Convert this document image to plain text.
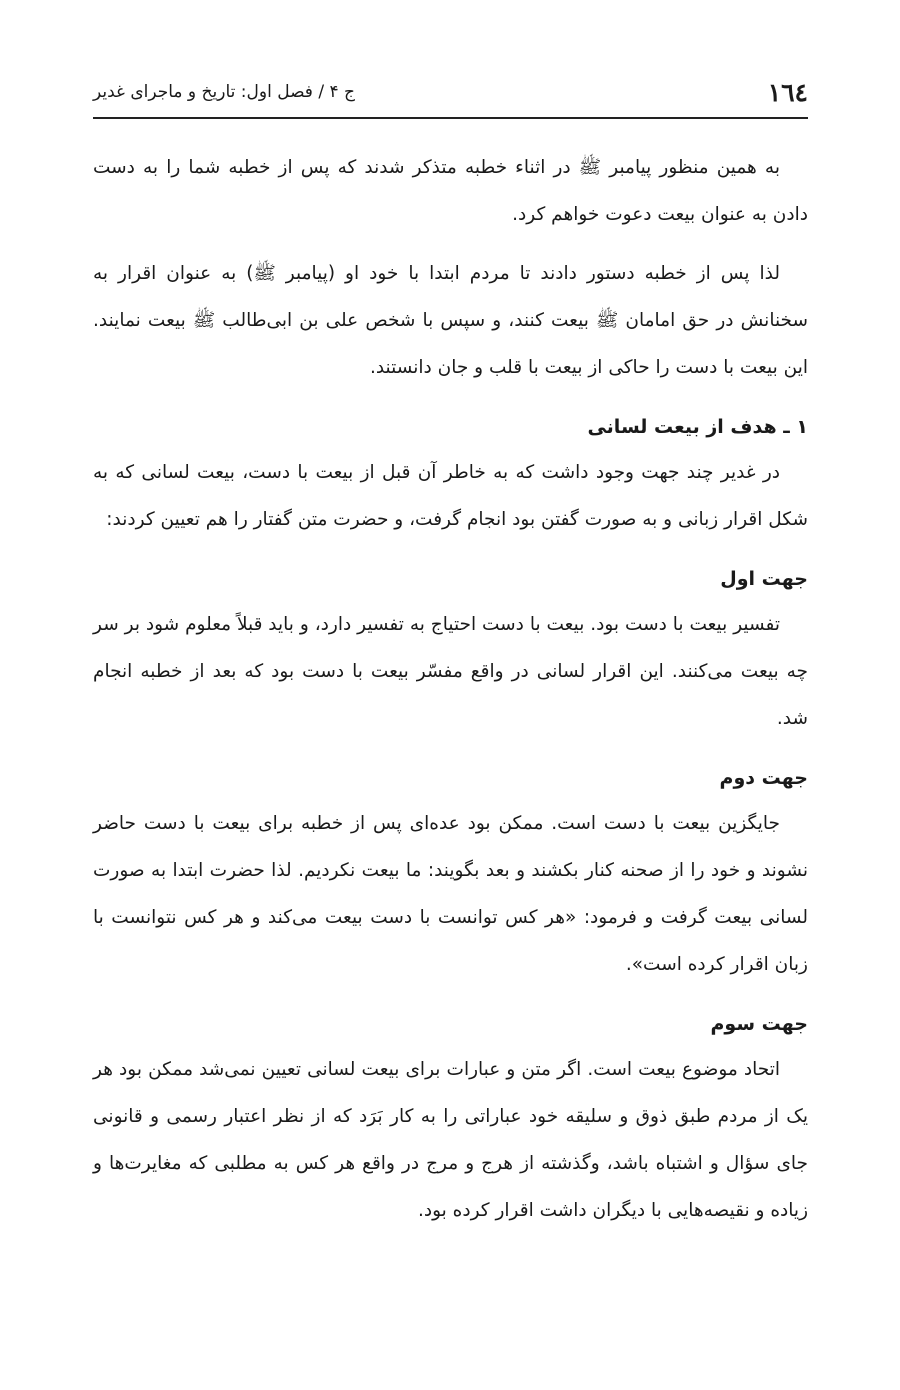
۱٦٤
ج ۴ / فصل اول: تاریخ و ماجرای غدیر

به همین منظور پیامبر ﷺ در اثناء خطبه متذکر شدند که پس از خطبه شما را به دست دادن به عنوان بیعت دعوت خواهم کرد.

لذا پس از خطبه دستور دادند تا مردم ابتدا با خود او (پیامبر ﷺ) به عنوان اقرار به سخنانش در حق امامان ﷺ بیعت کنند، و سپس با شخص علی بن ابی‌طالب ﷺ بیعت نمایند. این بیعت با دست را حاکی از بیعت با قلب و جان دانستند.

۱ ـ هدف از بیعت لسانی

در غدیر چند جهت وجود داشت که به خاطر آن قبل از بیعت با دست، بیعت لسانی که به شکل اقرار زبانی و به صورت گفتن بود انجام گرفت، و حضرت متن گفتار را هم تعیین کردند:

جهت اول

تفسیر بیعت با دست بود. بیعت با دست احتیاج به تفسیر دارد، و باید قبلاً معلوم شود بر سر چه بیعت می‌کنند. این اقرار لسانی در واقع مفسّر بیعت با دست بود که بعد از خطبه انجام شد.

جهت دوم

جایگزین بیعت با دست است. ممکن بود عده‌ای پس از خطبه برای بیعت با دست حاضر نشوند و خود را از صحنه کنار بکشند و بعد بگویند: ما بیعت نکردیم. لذا حضرت ابتدا به صورت لسانی بیعت گرفت و فرمود: «هر کس توانست با دست بیعت می‌کند و هر کس نتوانست با زبان اقرار کرده است».

جهت سوم

اتحاد موضوع بیعت است. اگر متن و عبارات برای بیعت لسانی تعیین نمی‌شد ممکن بود هر یک از مردم طبق ذوق و سلیقه خود عباراتی را به کار بَرَد که از نظر اعتبار رسمی و قانونی جای سؤال و اشتباه باشد، وگذشته از هرج و مرج در واقع هر کس به مطلبی که مغایرت‌ها و زیاده و نقیصه‌هایی با دیگران داشت اقرار کرده بود.
